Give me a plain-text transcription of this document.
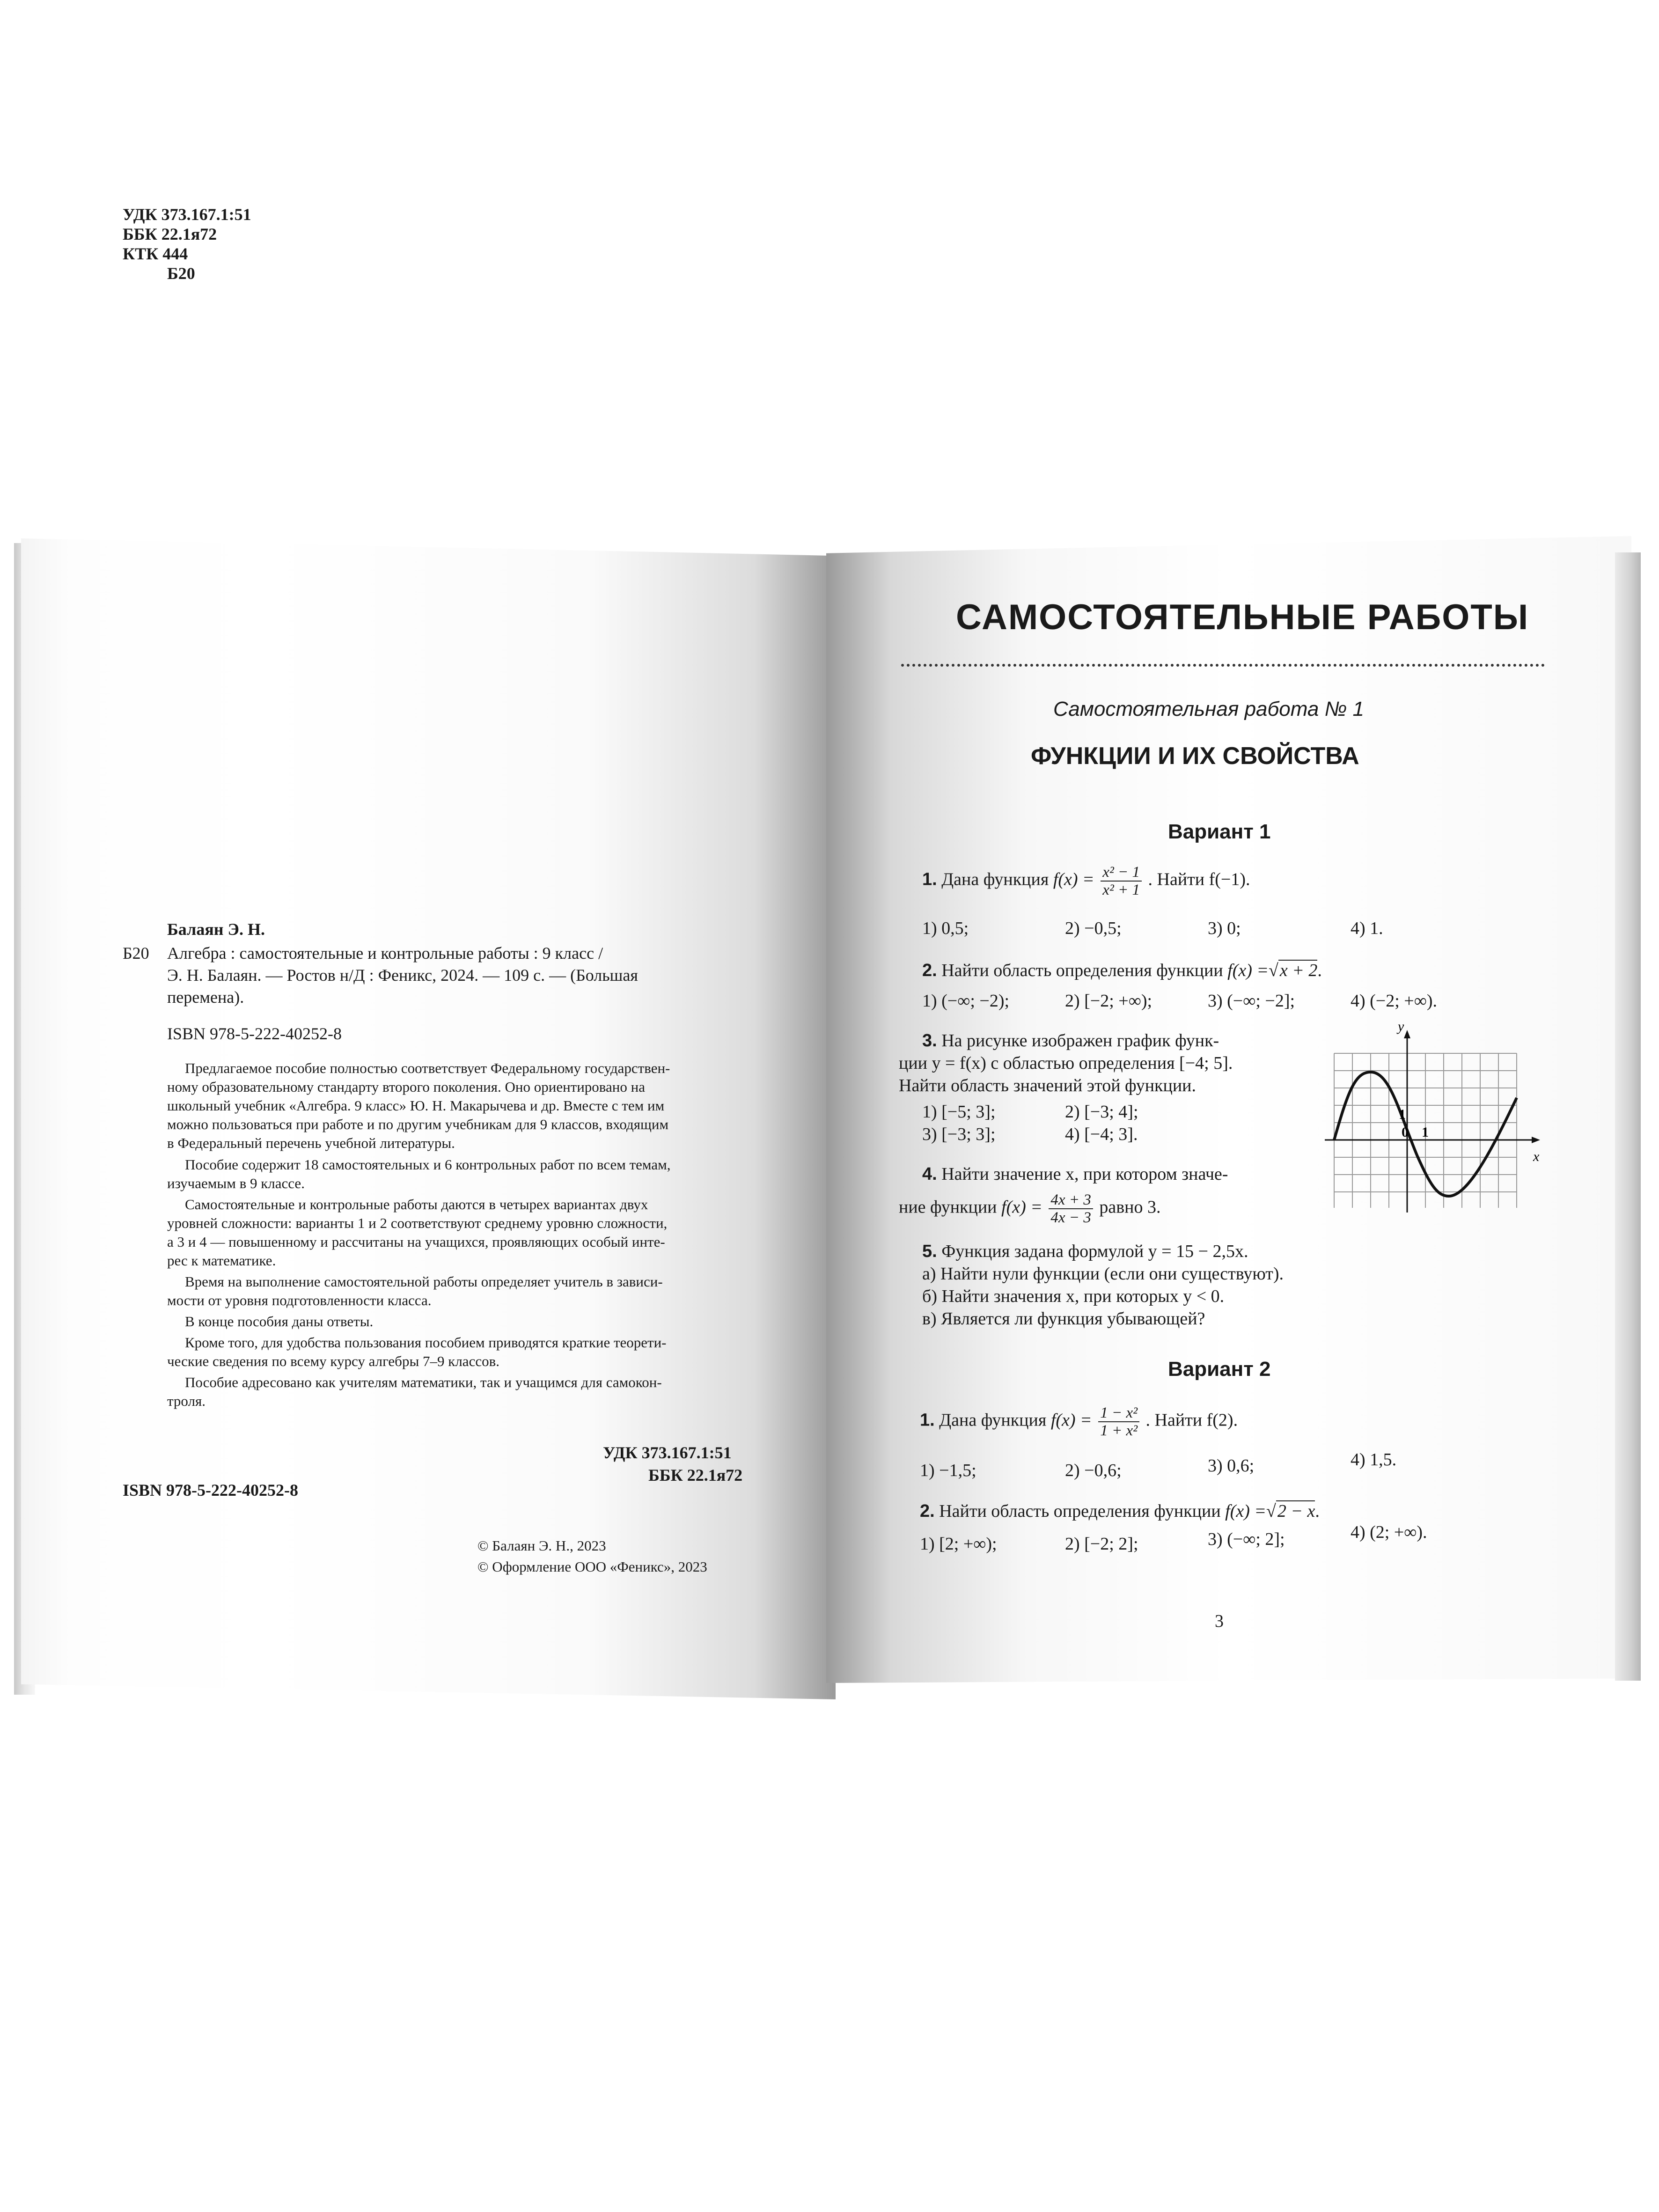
УДК 373.167.1:51
ББК 22.1я72
КТК 444
Б20
Балаян Э. Н.
Б20 Алгебра : самостоятельные и контрольные работы : 9 класс /
Э. Н. Балаян. — Ростов н/Д : Феникс, 2024. — 109 с. — (Большая
перемена).
ISBN 978-5-222-40252-8
Предлагаемое пособие полностью соответствует Федеральному государствен-
ному образовательному стандарту второго поколения. Оно ориентировано на
школьный учебник «Алгебра. 9 класс» Ю. Н. Макарычева и др. Вместе с тем им
можно пользоваться при работе и по другим учебникам для 9 классов, входящим
в Федеральный перечень учебной литературы.
Пособие содержит 18 самостоятельных и 6 контрольных работ по всем темам,
изучаемым в 9 классе.
Самостоятельные и контрольные работы даются в четырех вариантах двух
уровней сложности: варианты 1 и 2 соответствуют среднему уровню сложности,
а 3 и 4 — повышенному и рассчитаны на учащихся, проявляющих особый инте-
рес к математике.
Время на выполнение самостоятельной работы определяет учитель в зависи-
мости от уровня подготовленности класса.
В конце пособия даны ответы.
Кроме того, для удобства пользования пособием приводятся краткие теорети-
ческие сведения по всему курсу алгебры 7–9 классов.
Пособие адресовано как учителям математики, так и учащимся для самокон-
троля.
УДК 373.167.1:51
ББК 22.1я72
ISBN 978-5-222-40252-8
© Балаян Э. Н., 2023
© Оформление ООО «Феникс», 2023
САМОСТОЯТЕЛЬНЫЕ РАБОТЫ
Самостоятельная работа № 1
ФУНКЦИИ И ИХ СВОЙСТВА
Вариант 1
1. Дана функция $f(x) = \frac{\text{x² − 1}}{\text{x² + 1}}$ . Найти f(−1).
1) 0,5;	2) −0,5;	3) 0;	4) 1.
2. Найти область определения функции f(x) =√x + 2.
1) (−∞; −2);	2) [−2; +∞);	3) (−∞; −2];	4) (−2; +∞).
3. На рисунке изображен график функ-
ции y = f(x) с областью определения [−4; 5].
Найти область значений этой функции.
1) [−5; 3];	2) [−3; 4];
3) [−3; 3];	4) [−4; 3].
y
x
0 1
1
4. Найти значение x, при котором значе-
ние функции $f(x) = \frac{4x + 3}{4x - 3}$ равно 3.
5. Функция задана формулой y = 15 − 2,5x.
а) Найти нули функции (если они существуют).
б) Найти значения x, при которых y < 0.
в) Является ли функция убывающей?
Вариант 2
1. Дана функция $f(x) = \frac{\text{1 − x²}}{\text{1 + x²}}$ . Найти f(2).
1) −1,5;	2) −0,6;	3) 0,6;	4) 1,5.
2. Найти область определения функции f(x) =√2 − x.
1) [2; +∞);	2) [−2; 2];	3) (−∞; 2];	4) (2; +∞).
3
